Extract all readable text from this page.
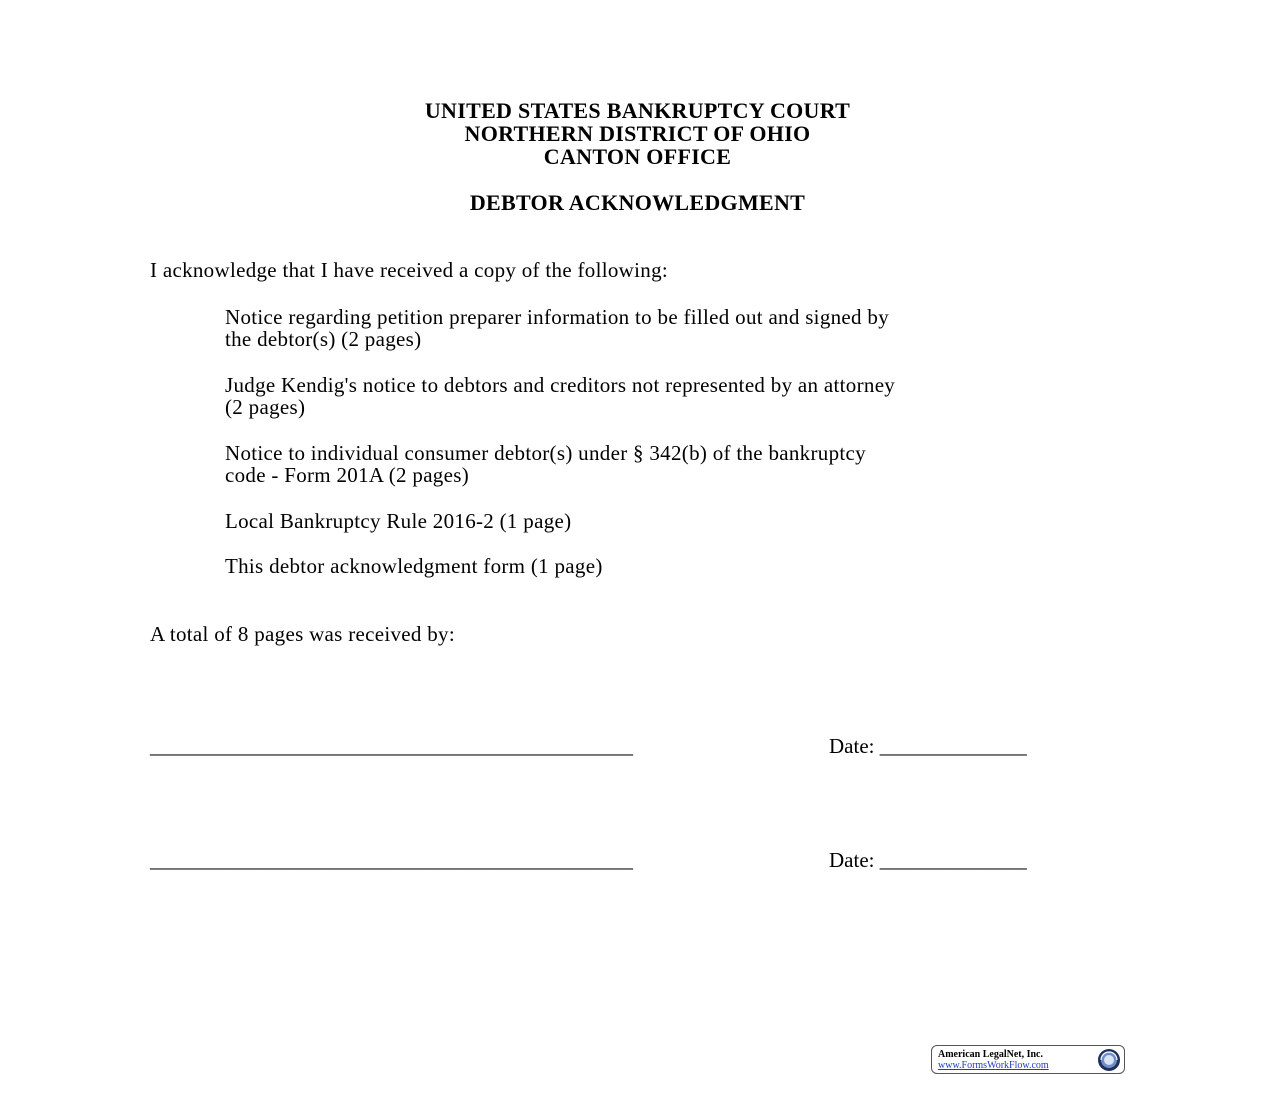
UNITED STATES BANKRUPTCY COURT
NORTHERN DISTRICT OF OHIO
CANTON OFFICE
DEBTOR ACKNOWLEDGMENT
I acknowledge that I have received a copy of the following:
Notice regarding petition preparer information to be filled out and signed by
the debtor(s) (2 pages)
Judge Kendig's notice to debtors and creditors not represented by an attorney
(2 pages)
Notice to individual consumer debtor(s) under § 342(b) of the bankruptcy
code - Form 201A (2 pages)
Local Bankruptcy Rule 2016-2 (1 page)
This debtor acknowledgment form (1 page)
A total of 8 pages was received by:
______________________________________________	Date: ______________
______________________________________________	Date: ______________
American LegalNet, Inc.
www.FormsWorkFlow.com
